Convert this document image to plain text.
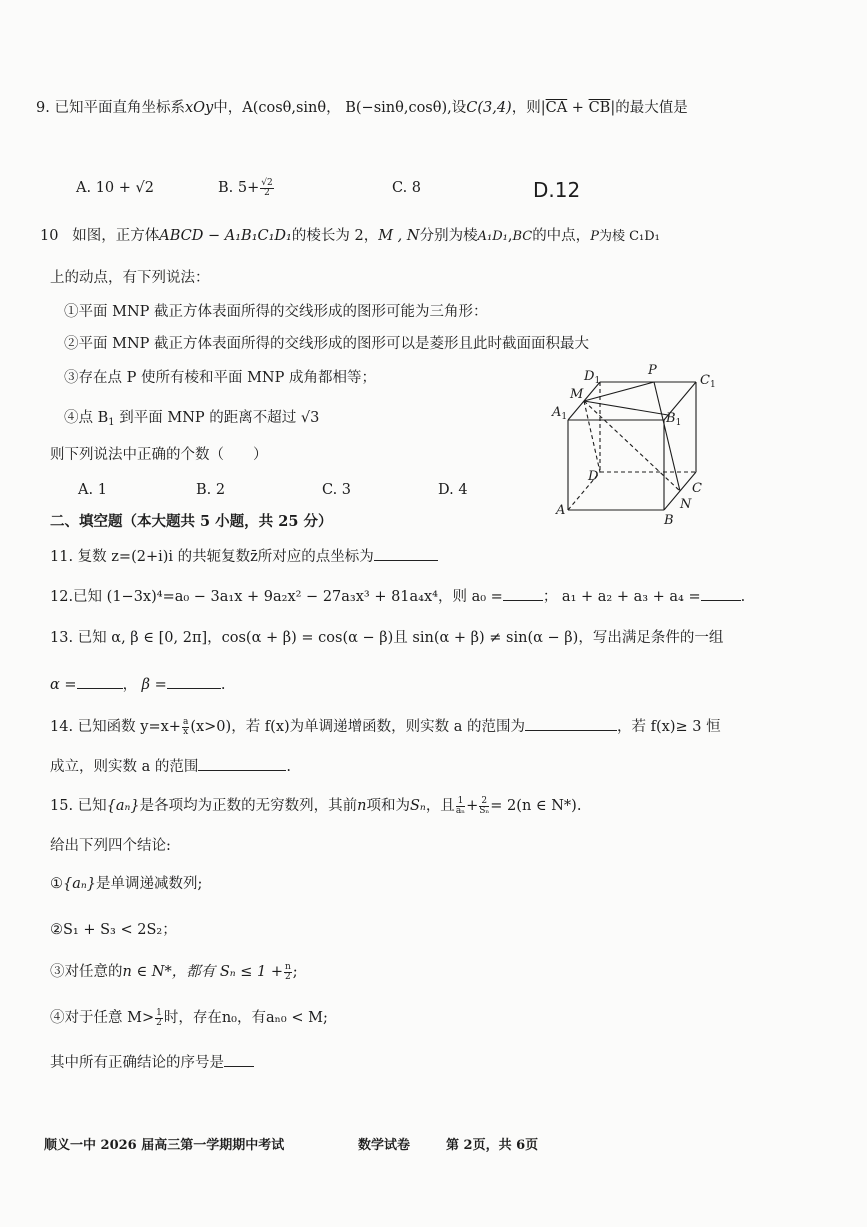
9. 已知平面直角坐标系xOy中，A(cosθ,sinθ， B(−sinθ,cosθ),设C(3,4)，则$|\overline{CA} + \overline{CB}|$的最大值是
A. 10 + √2	B. $5+ \frac{√2}{2}$	C. 8	D.12
10 如图，正方体ABCD − A₁B₁C₁D₁的棱长为 2，M , N分别为棱A₁D₁,BC的中点，P为棱 C₁D₁
上的动点，有下列说法：
①平面 MNP 截正方体表面所得的交线形成的图形可能为三角形：
②平面 MNP 截正方体表面所得的交线形成的图形可以是菱形且此时截面面积最大
③存在点 P 使所有棱和平面 MNP 成角都相等；
④点 $B_1$ 到平面 MNP 的距离不超过 √3
则下列说法中正确的个数（　　）
A. 1	B. 2	C. 3	D. 4
$D_1$
P
$C_1$
M
$A_1$	$B_1$
D
C
N
A
B
二、填空题（本大题共 5 小题，共 25 分）
11. 复数 z=(2+i)i 的共轭复数z̄所对应的点坐标为
12.已知 (1−3x)⁴=a₀ − 3a₁x + 9a₂x² − 27a₃x³ + 81a₄x⁴，则 a₀ =	； a₁ + a₂ + a₃ + a₄ =	.
13. 已知 α, β ∈ [0, 2π]，cos(α + β) = cos(α − β)且 sin(α + β) ≠ sin(α − β)，写出满足条件的一组
α =	， β =	.
14. 已知函数 $y=x+ \frac{a}{x} (x>0)$，若 f(x)为单调递增函数，则实数 a 的范围为	，若 f(x)≥ 3 恒
成立，则实数 a 的范围	.
15. 已知{aₙ}是各项均为正数的无穷数列，其前n项和为Sₙ，且 $\frac{1}{\text{aₙ}} + \frac{2}{\text{Sₙ}} = 2(n$ ∈ N*).
给出下列四个结论:
①{aₙ}是单调递减数列;
②S₁ + S₃ < 2S₂；
③对任意的n ∈ N*，都有 $S_n \le 1 + \frac{n}{2}$ ;
④对于任意 $M> \frac{1}{2}$ 时，存在n₀，有aₙ₀ < M;
其中所有正确结论的序号是
顺义一中 2026 届高三第一学期期中考试	数学试卷	第 2页，共 6页
